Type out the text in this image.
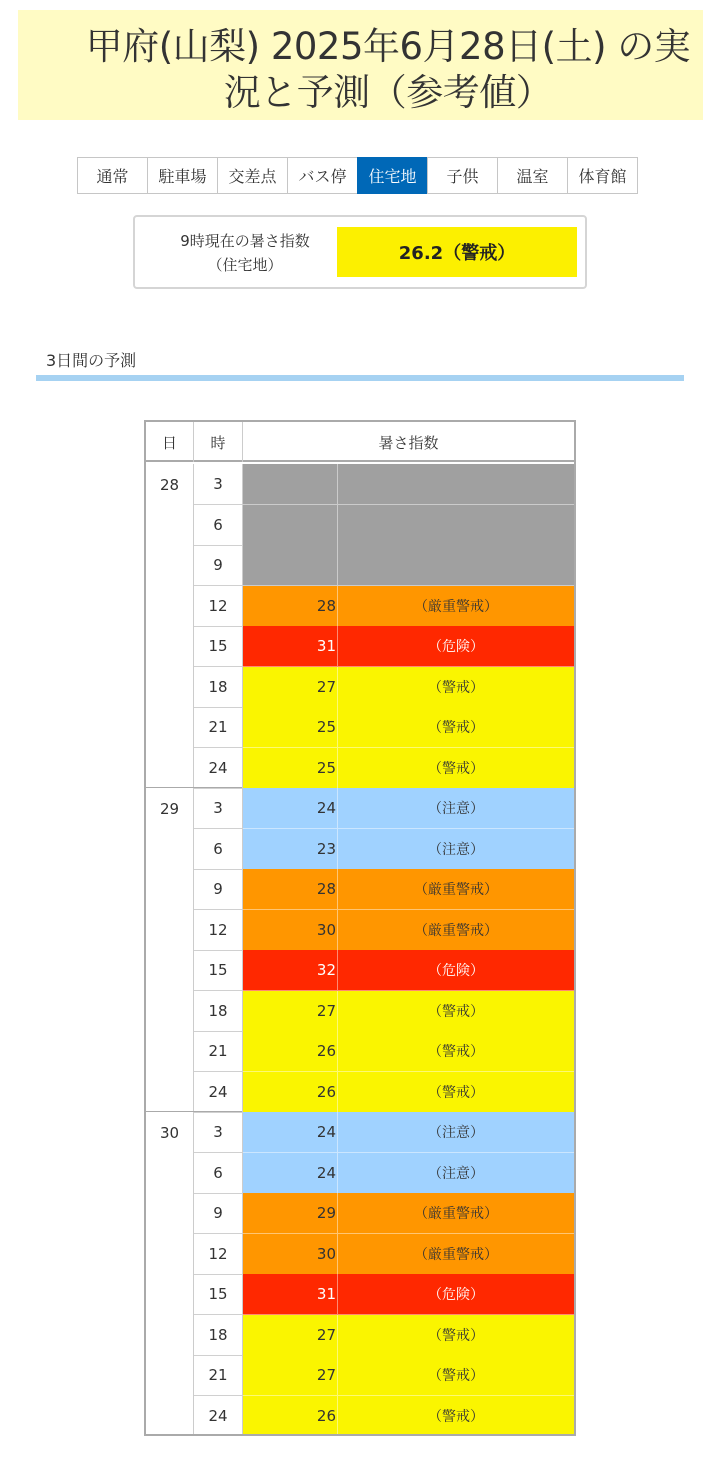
甲府(山梨) 2025年6月28日(土) の実況と予測（参考値）
通常	駐車場	交差点	バス停	住宅地	子供	温室	体育館
9時現在の暑さ指数
（住宅地）
26.2（警戒）
3日間の予測
日	時	暑さ指数
28	3
6
9
12	28	（厳重警戒）
15	31	（危険）
18	27	（警戒）
21	25	（警戒）
24	25	（警戒）
29	3	24	（注意）
6	23	（注意）
9	28	（厳重警戒）
12	30	（厳重警戒）
15	32	（危険）
18	27	（警戒）
21	26	（警戒）
24	26	（警戒）
30	3	24	（注意）
6	24	（注意）
9	29	（厳重警戒）
12	30	（厳重警戒）
15	31	（危険）
18	27	（警戒）
21	27	（警戒）
24	26	（警戒）
